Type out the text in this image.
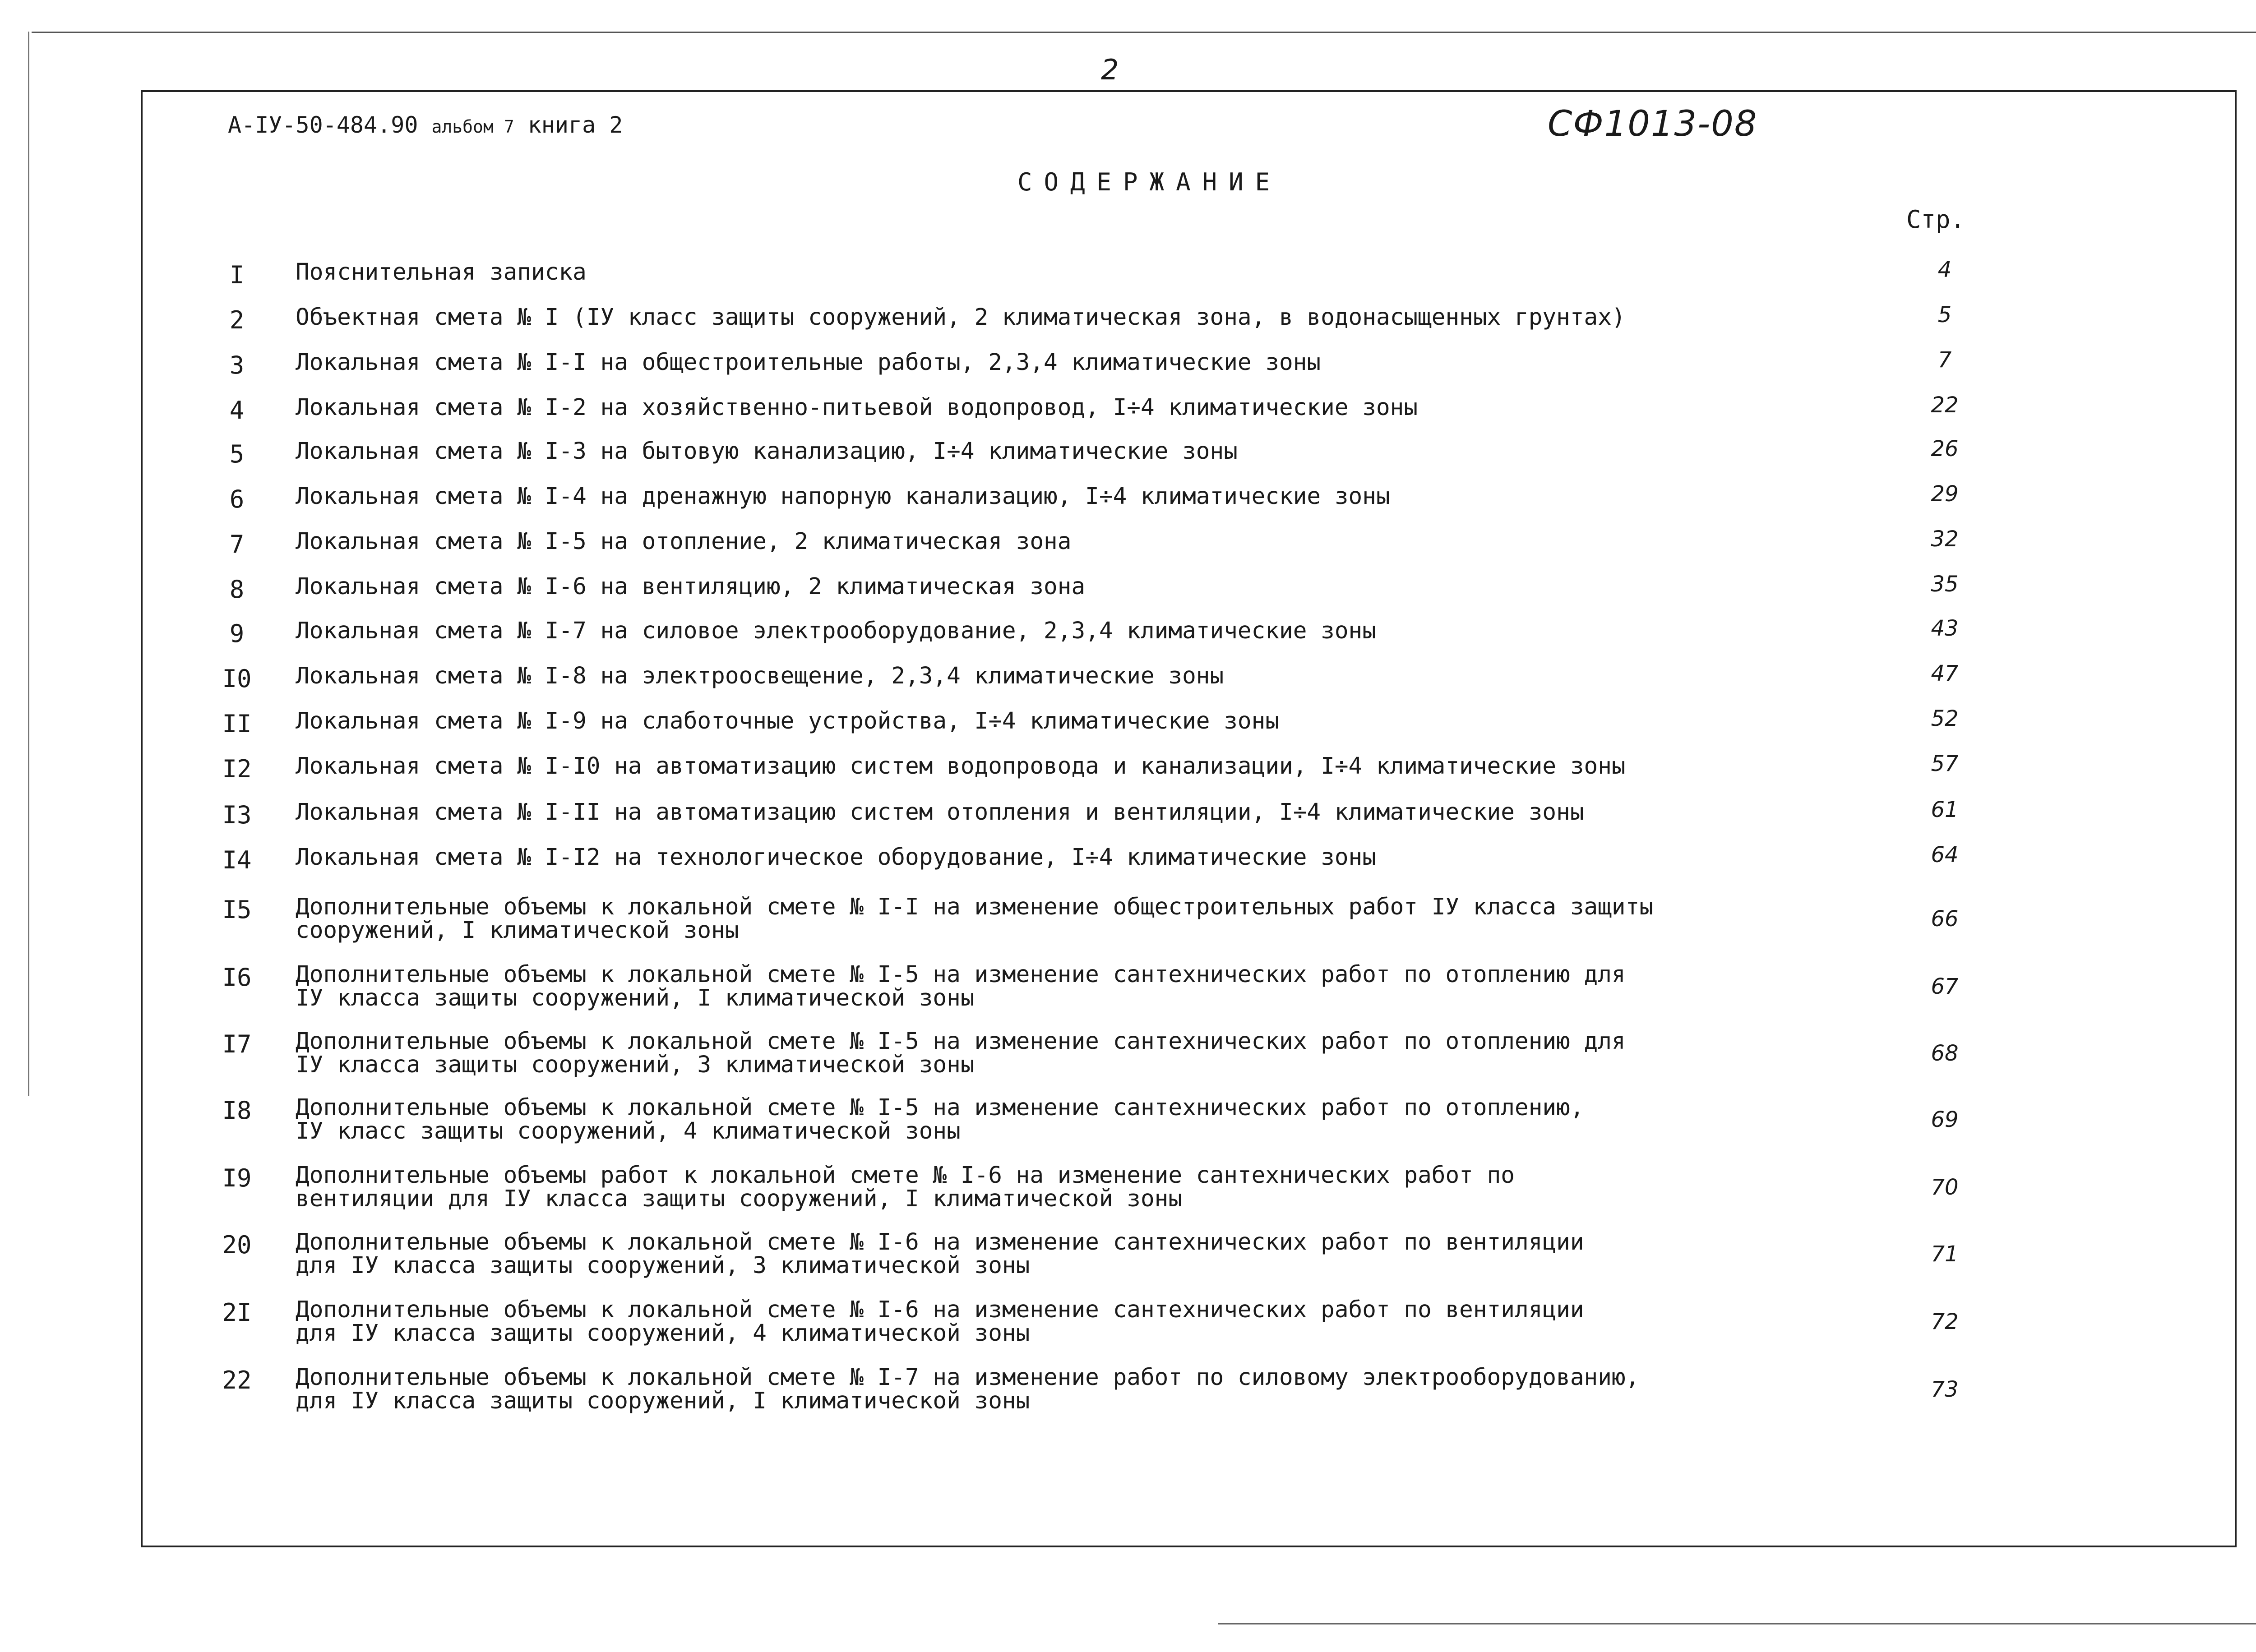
2
А-IУ-50-484.90 альбом 7 книга 2	СФ1013-08
СОДЕРЖАНИЕ
Стр.
I	Пояснительная записка	4
2	Объектная смета № I (IУ класс защиты сооружений, 2 климатическая зона, в водонасыщенных грунтах)	5
3	Локальная смета № I-I на общестроительные работы, 2,3,4 климатические зоны	7
4	Локальная смета № I-2 на хозяйственно-питьевой водопровод, I÷4 климатические зоны	22
5	Локальная смета № I-3 на бытовую канализацию, I÷4 климатические зоны	26
6	Локальная смета № I-4 на дренажную напорную канализацию, I÷4 климатические зоны	29
7	Локальная смета № I-5 на отопление, 2 климатическая зона	32
8	Локальная смета № I-6 на вентиляцию, 2 климатическая зона	35
9	Локальная смета № I-7 на силовое электрооборудование, 2,3,4 климатические зоны	43
I0	Локальная смета № I-8 на электроосвещение, 2,3,4 климатические зоны	47
II	Локальная смета № I-9 на слаботочные устройства, I÷4 климатические зоны	52
I2	Локальная смета № I-I0 на автоматизацию систем водопровода и канализации, I÷4 климатические зоны	57
I3	Локальная смета № I-II на автоматизацию систем отопления и вентиляции, I÷4 климатические зоны	61
I4	Локальная смета № I-I2 на технологическое оборудование, I÷4 климатические зоны	64
I5	Дополнительные объемы к локальной смете № I-I на изменение общестроительных работ IУ класса защиты
сооружений, I климатической зоны	66
I6	Дополнительные объемы к локальной смете № I-5 на изменение сантехнических работ по отоплению для
IУ класса защиты сооружений, I климатической зоны	67
I7	Дополнительные объемы к локальной смете № I-5 на изменение сантехнических работ по отоплению для
IУ класса защиты сооружений, 3 климатической зоны	68
I8	Дополнительные объемы к локальной смете № I-5 на изменение сантехнических работ по отоплению,
IУ класс защиты сооружений, 4 климатической зоны	69
I9	Дополнительные объемы работ к локальной смете № I-6 на изменение сантехнических работ по
вентиляции для IУ класса защиты сооружений, I климатической зоны	70
20	Дополнительные объемы к локальной смете № I-6 на изменение сантехнических работ по вентиляции
для IУ класса защиты сооружений, 3 климатической зоны	71
2I	Дополнительные объемы к локальной смете № I-6 на изменение сантехнических работ по вентиляции
для IУ класса защиты сооружений, 4 климатической зоны	72
22	Дополнительные объемы к локальной смете № I-7 на изменение работ по силовому электрооборудованию,
для IУ класса защиты сооружений, I климатической зоны	73
